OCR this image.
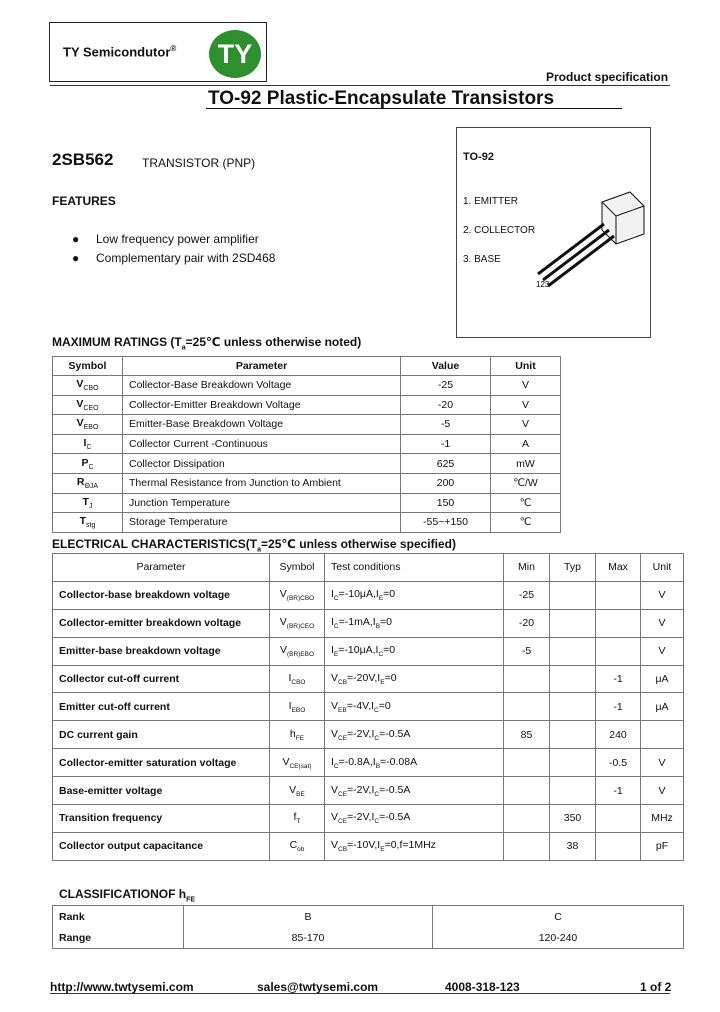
TY Semicondutor®	TY
Product specification
TO-92 Plastic-Encapsulate Transistors
2SB562 TRANSISTOR (PNP)
FEATURES
● Low frequency power amplifier
● Complementary pair with 2SD468
TO-92
1. EMITTER
2. COLLECTOR
3. BASE
123
MAXIMUM RATINGS ($T_a=25℃$ unless otherwise noted)
Symbol	Parameter	Value	Unit
$V_{CBO}$	Collector-Base Breakdown Voltage	-25	V
$V_{CEO}$	Collector-Emitter Breakdown Voltage	-20	V
$V_{EBO}$	Emitter-Base Breakdown Voltage	-5	V
$I_C$	Collector Current -Continuous	-1	A
$P_C$	Collector Dissipation	625	mW
$R_{\Theta JA}$	Thermal Resistance from Junction to Ambient	200	℃/W
$T_J$	Junction Temperature	150	℃
$T_{stg}$	Storage Temperature	-55~+150	℃
ELECTRICAL $CHARACTERISTICS(T_a=25℃$ unless otherwise specified)
Parameter	Symbol	Test conditions	Min	Typ	Max	Unit
Collector-base breakdown voltage	$V_{(BR)CBO}$	$I_C=-10\mu A,I_E=0$	-25			V
Collector-emitter breakdown voltage	$V_{(BR)CEO}$	$I_C=-1mA,I_B=0$	-20			V
Emitter-base breakdown voltage	$V_{(BR)EBO}$	$I_E=-10\mu A,I_C=0$	-5			V
Collector cut-off current	$I_{CBO}$	$V_{CB}=-20V,I_E=0$			-1	μA
Emitter cut-off current	$I_{EBO}$	$V_{EB}=-4V,I_C=0$			-1	μA
DC current gain	$h_{FE}$	$V_{CE}=-2V,I_C=-0.5A$	85		240	
Collector-emitter saturation voltage	$V_{CE(sat)}$	$I_C=-0.8A,I_B=-0.08A$			-0.5	V
Base-emitter voltage	$V_{BE}$	$V_{CE}=-2V,I_C=-0.5A$			-1	V
Transition frequency	$f_T$	$V_{CE}=-2V,I_C=-0.5A$		350		MHz
Collector output capacitance	$C_{ob}$	$V_{CB}=-10V,I_E=0,f=1MHz$		38		pF
CLASSIFICATIONOF $h_{FE}$
Rank	B	C
Range	85-170	120-240
http://www.twtysemi.com	sales@twtysemi.com	4008-318-123	1 of 2
